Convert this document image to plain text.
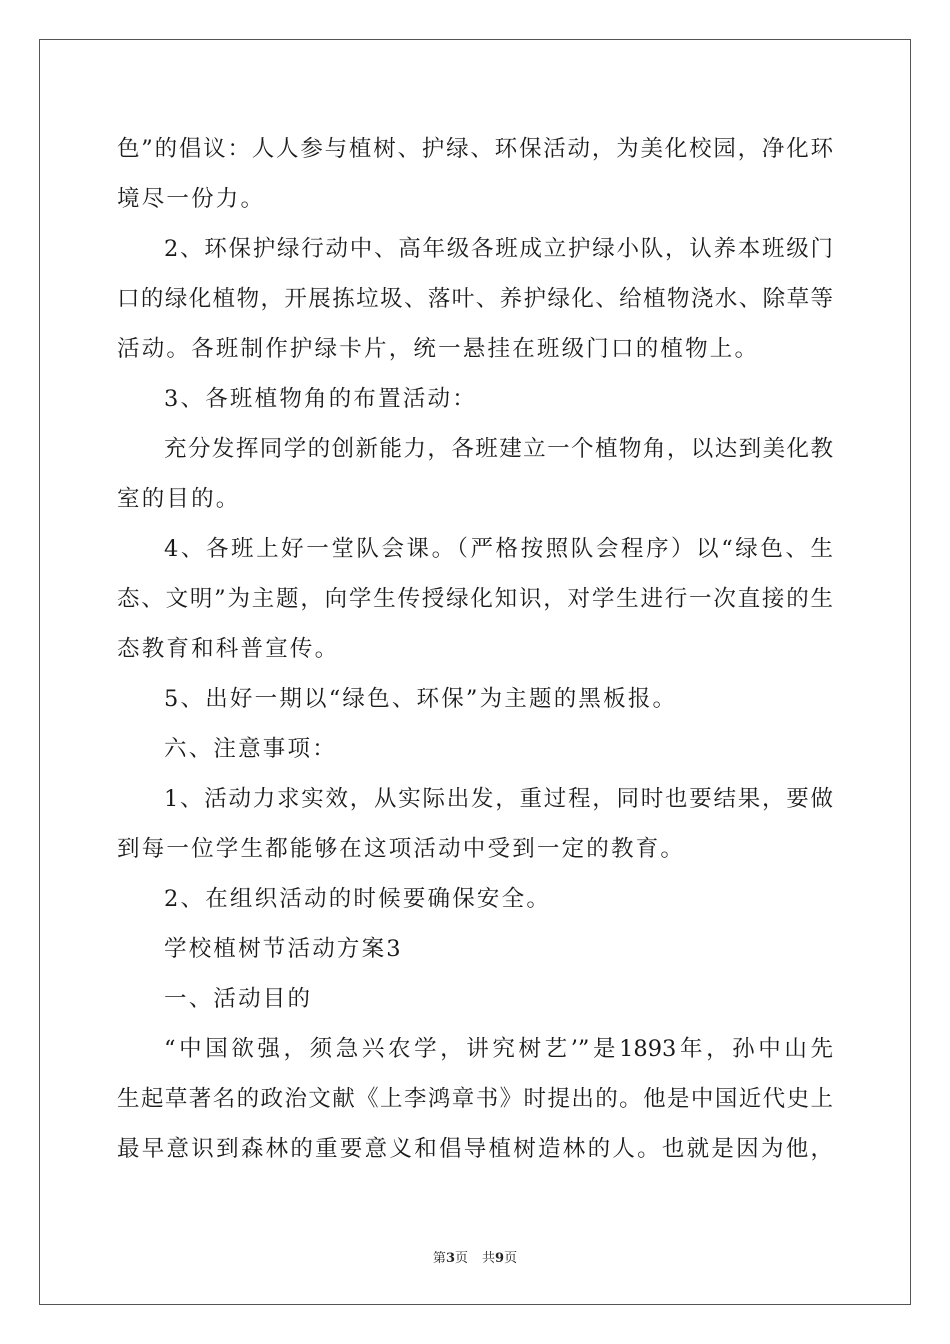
色”的倡议：人人参与植树、护绿、环保活动，为美化校园，净化环
境尽一份力。
2、环保护绿行动中、高年级各班成立护绿小队，认养本班级门
口的绿化植物，开展拣垃圾、落叶、养护绿化、给植物浇水、除草等
活动。各班制作护绿卡片，统一悬挂在班级门口的植物上。
3、各班植物角的布置活动：
充分发挥同学的创新能力，各班建立一个植物角，以达到美化教
室的目的。
4、各班上好一堂队会课。（严格按照队会程序）以“绿色、生
态、文明”为主题，向学生传授绿化知识，对学生进行一次直接的生
态教育和科普宣传。
5、出好一期以“绿色、环保”为主题的黑板报。
六、注意事项：
1、活动力求实效，从实际出发，重过程，同时也要结果，要做
到每一位学生都能够在这项活动中受到一定的教育。
2、在组织活动的时候要确保安全。
学校植树节活动方案3
一、活动目的
“中国欲强，须急兴农学，讲究树艺’”是1893年，孙中山先
生起草著名的政治文献《上李鸿章书》时提出的。他是中国近代史上
最早意识到森林的重要意义和倡导植树造林的人。也就是因为他，
第3页 共9页
